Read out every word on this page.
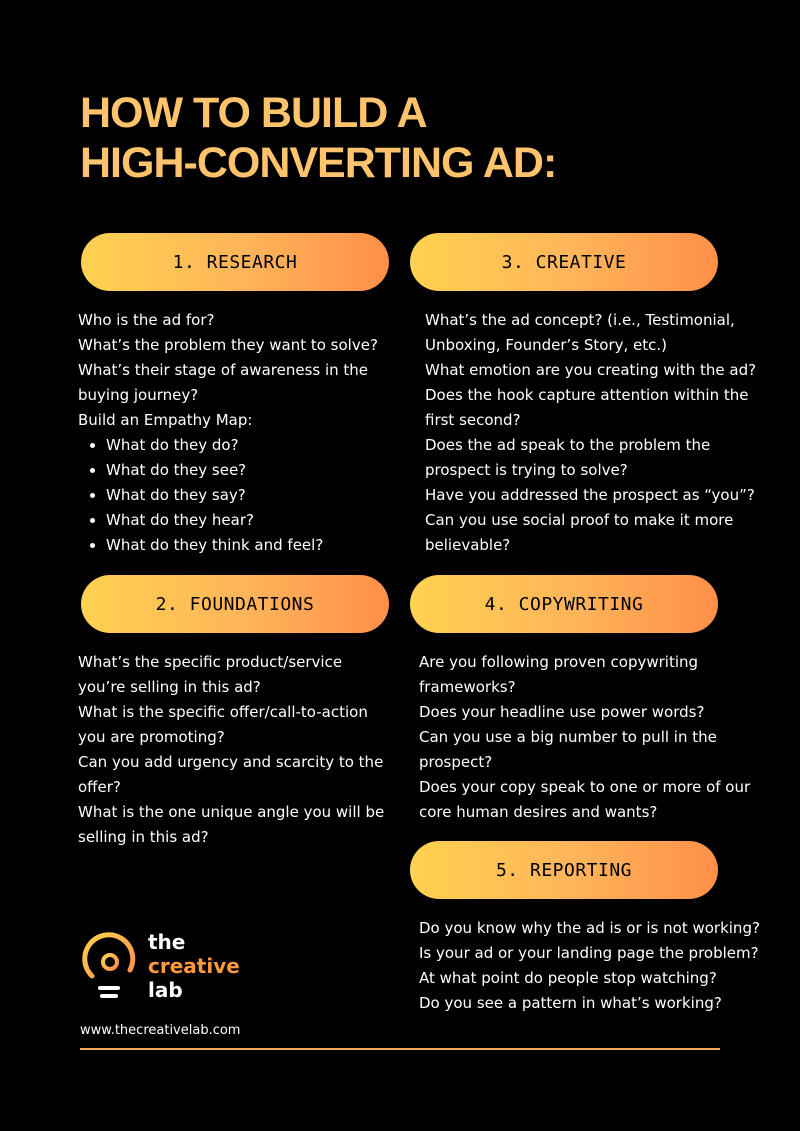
HOW TO BUILD A
HIGH-CONVERTING AD:
1. RESEARCH

Who is the ad for?

What’s the problem they want to solve?

What’s their stage of awareness in the buying journey?

Build an Empathy Map:

• What do they do?
• What do they see?
• What do they say?
• What do they hear?
• What do they think and feel?
2. FOUNDATIONS

What’s the specific product/service you’re selling in this ad?

What is the specific offer/call-to-action you are promoting?

Can you add urgency and scarcity to the offer?

What is the one unique angle you will be selling in this ad?

3. CREATIVE

What’s the ad concept? (i.e., Testimonial, Unboxing, Founder’s Story, etc.)

What emotion are you creating with the ad?

Does the hook capture attention within the first second?

Does the ad speak to the problem the prospect is trying to solve?

Have you addressed the prospect as “you”?

Can you use social proof to make it more believable?

4. COPYWRITING

Are you following proven copywriting frameworks?

Does your headline use power words?

Can you use a big number to pull in the prospect?

Does your copy speak to one or more of our core human desires and wants?

5. REPORTING

Do you know why the ad is or is not working?

Is your ad or your landing page the problem?

At what point do people stop watching?

Do you see a pattern in what’s working?

the
creative
lab
www.thecreativelab.com
